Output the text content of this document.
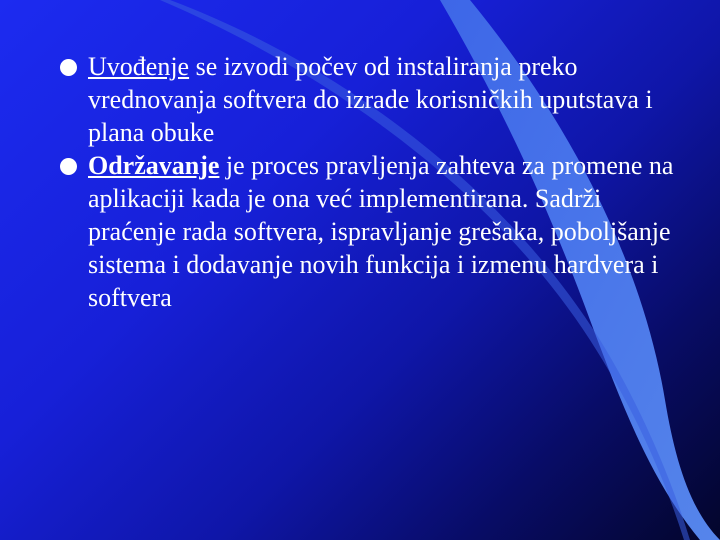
Uvođenje se izvodi počev od instaliranja preko vrednovanja softvera do izrade korisničkih uputstava i plana obuke

Održavanje je proces pravljenja zahteva za promene na aplikaciji kada je ona već implementirana. Sadrži praćenje rada softvera, ispravljanje grešaka, poboljšanje sistema i dodavanje novih funkcija i izmenu hardvera i softvera
